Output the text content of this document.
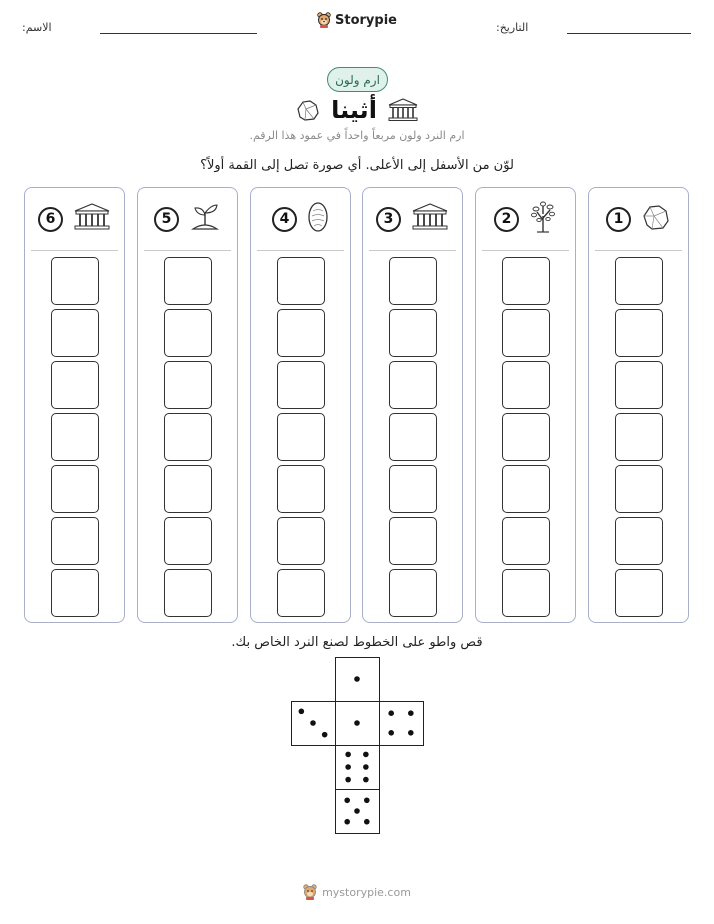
الاسم:	Storypie	التاريخ:
ارم ولون
أثينا
ارم النرد ولون مربعاً واحداً في عمود هذا الرقم.
لوّن من الأسفل إلى الأعلى. أي صورة تصل إلى القمة أولاً؟
1
2
3
4
5
6
قص واطو على الخطوط لصنع النرد الخاص بك.
mystorypie.com
